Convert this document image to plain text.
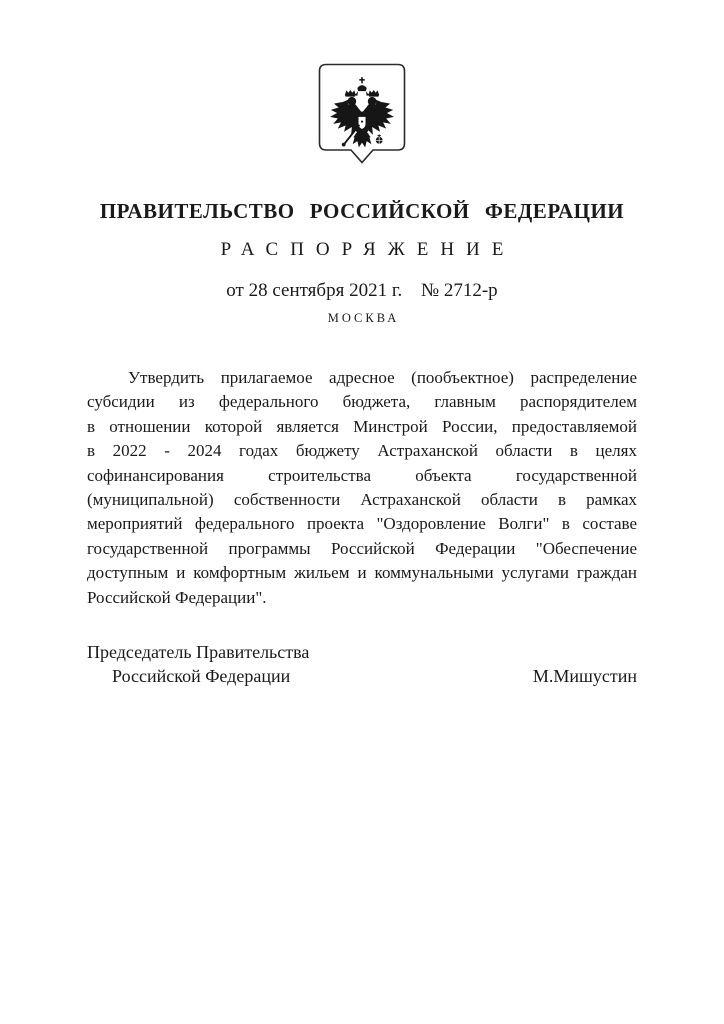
ПРАВИТЕЛЬСТВО РОССИЙСКОЙ ФЕДЕРАЦИИ
РАСПОРЯЖЕНИЕ
от 28 сентября 2021 г. № 2712-р
МОСКВА
Утвердить прилагаемое адресное (пообъектное) распределение
субсидии из федерального бюджета, главным распорядителем
в отношении которой является Минстрой России, предоставляемой
в 2022 - 2024 годах бюджету Астраханской области в целях
софинансирования строительства объекта государственной
(муниципальной) собственности Астраханской области в рамках
мероприятий федерального проекта "Оздоровление Волги" в составе
государственной программы Российской Федерации "Обеспечение
доступным и комфортным жильем и коммунальными услугами граждан
Российской Федерации".
Председатель Правительства
Российской Федерации	М.Мишустин
